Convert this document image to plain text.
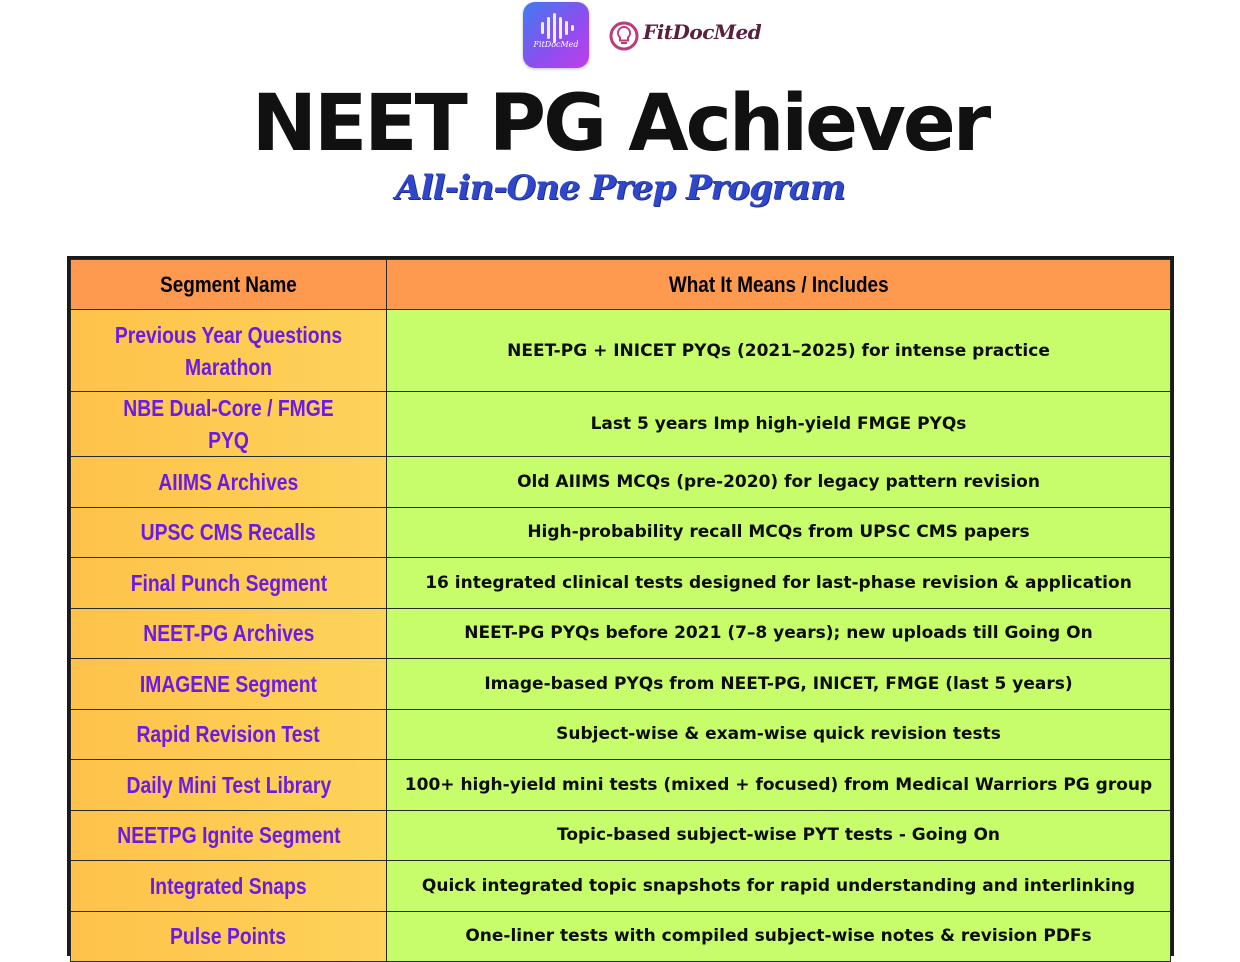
FitDocMed
FitDocMed
NEET PG Achiever
All-in-One Prep Program
Segment Name	What It Means / Includes
Previous Year Questions Marathon	NEET-PG + INICET PYQs (2021–2025) for intense practice
NBE Dual-Core / FMGE PYQ	Last 5 years Imp high-yield FMGE PYQs
AIIMS Archives	Old AIIMS MCQs (pre-2020) for legacy pattern revision
UPSC CMS Recalls	High-probability recall MCQs from UPSC CMS papers
Final Punch Segment	16 integrated clinical tests designed for last-phase revision & application
NEET-PG Archives	NEET-PG PYQs before 2021 (7–8 years); new uploads till Going On
IMAGENE Segment	Image-based PYQs from NEET-PG, INICET, FMGE (last 5 years)
Rapid Revision Test	Subject-wise & exam-wise quick revision tests
Daily Mini Test Library	100+ high-yield mini tests (mixed + focused) from Medical Warriors PG group
NEETPG Ignite Segment	Topic-based subject-wise PYT tests - Going On
Integrated Snaps	Quick integrated topic snapshots for rapid understanding and interlinking
Pulse Points	One-liner tests with compiled subject-wise notes & revision PDFs
